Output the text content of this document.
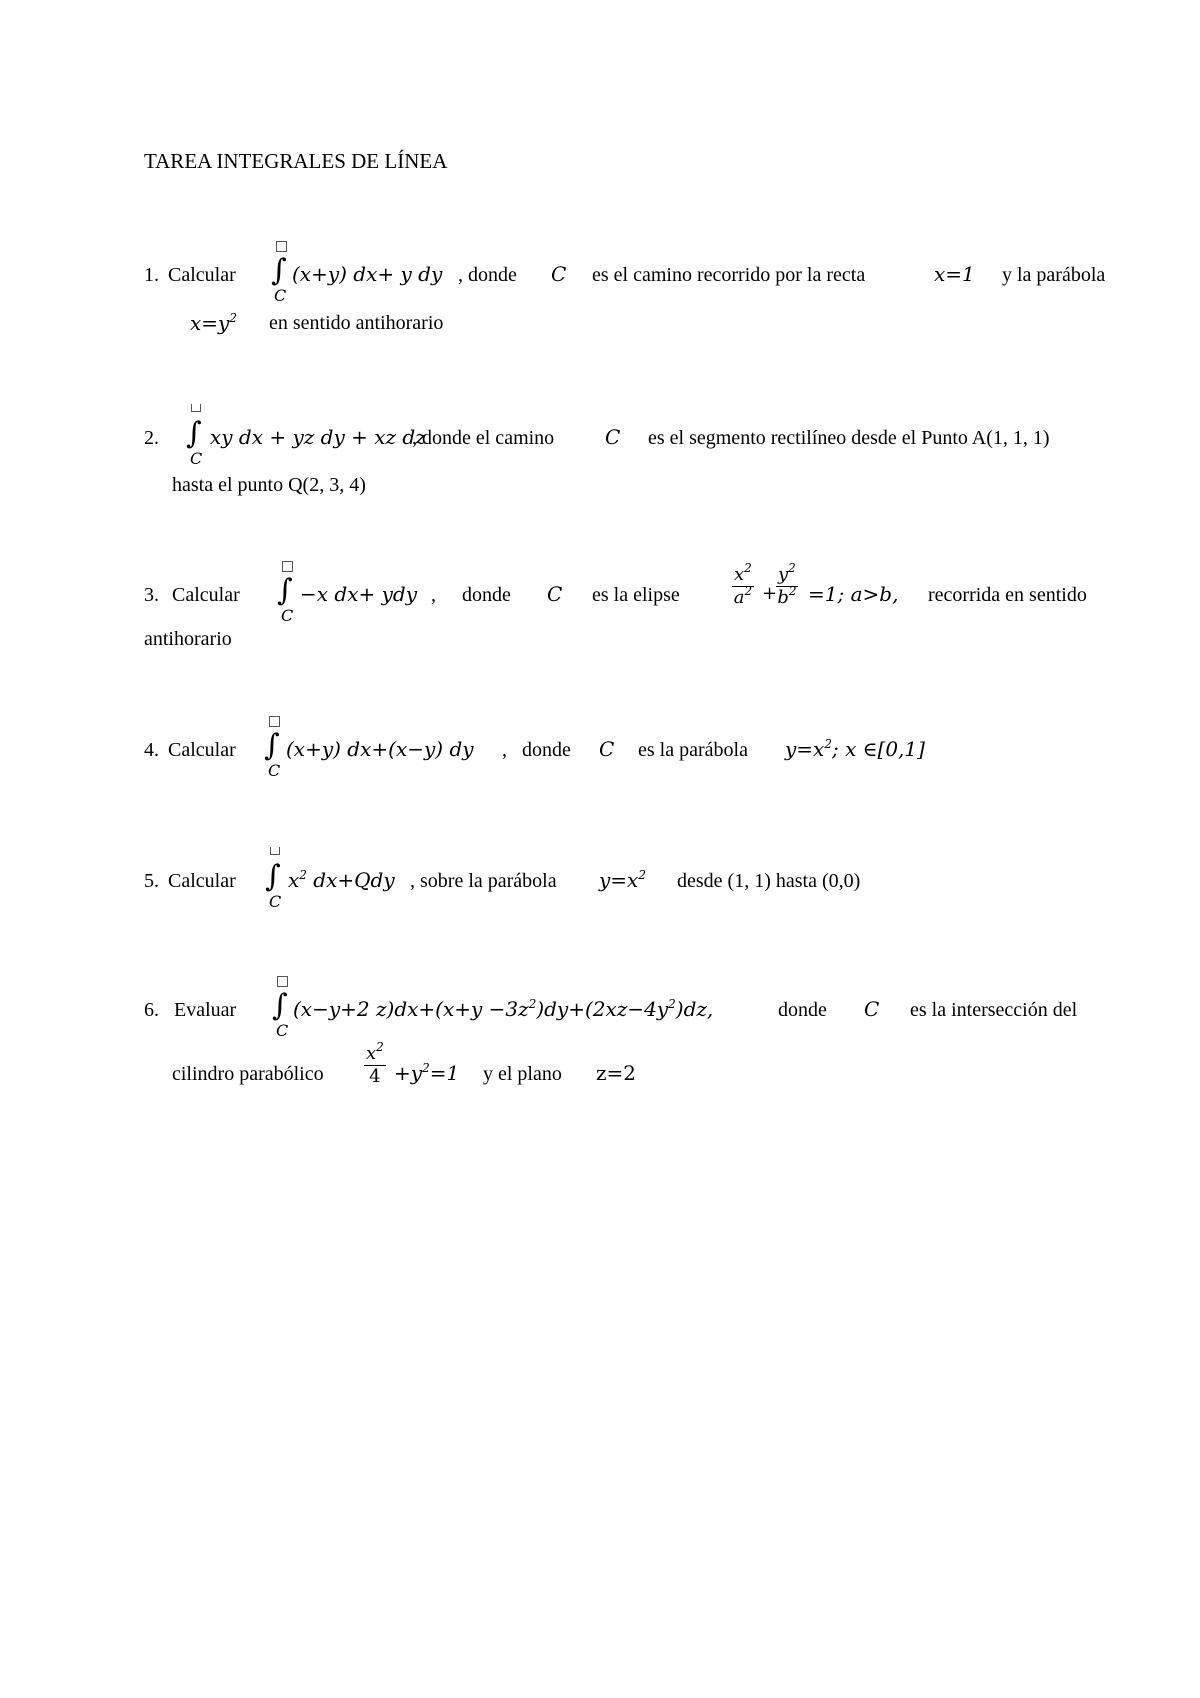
TAREA INTEGRALES DE LÍNEA
1. Calcular ∫
C
(x+y) dx+ y dy , donde C es el camino recorrido por la recta	x=1 y la parábola
$x=y^2$ en sentido antihorario
2. ∫
C
xy dx + yz dy + xz dz
, donde el camino	C es el segmento rectilíneo desde el Punto A(1, 1, 1)
hasta el punto Q(2, 3, 4)
3. Calcular ∫
C
−x dx+ ydy , donde C es la elipse	$\frac{x^2}{a^2}$ +
$\frac{y^2}{b^2} =1$; a>b, recorrida en sentido
antihorario
4. Calcular ∫
C
(x+y) dx+(x−y) dy , donde C es la parábola $y=x^2$; x ∈[0,1]
5. Calcular ∫
C
$x^2$ dx+Qdy , sobre la parábola $y=x^2$ desde (1, 1) hasta (0,0)
6. Evaluar ∫
C
(x−y+2 $z)dx+(x+y -3z^2)dy+(2xz-4y^2)dz$,	donde C es la intersección del
cilindro parabólico $\frac{x^2}{4} +y^2=1$ y el plano z=2
